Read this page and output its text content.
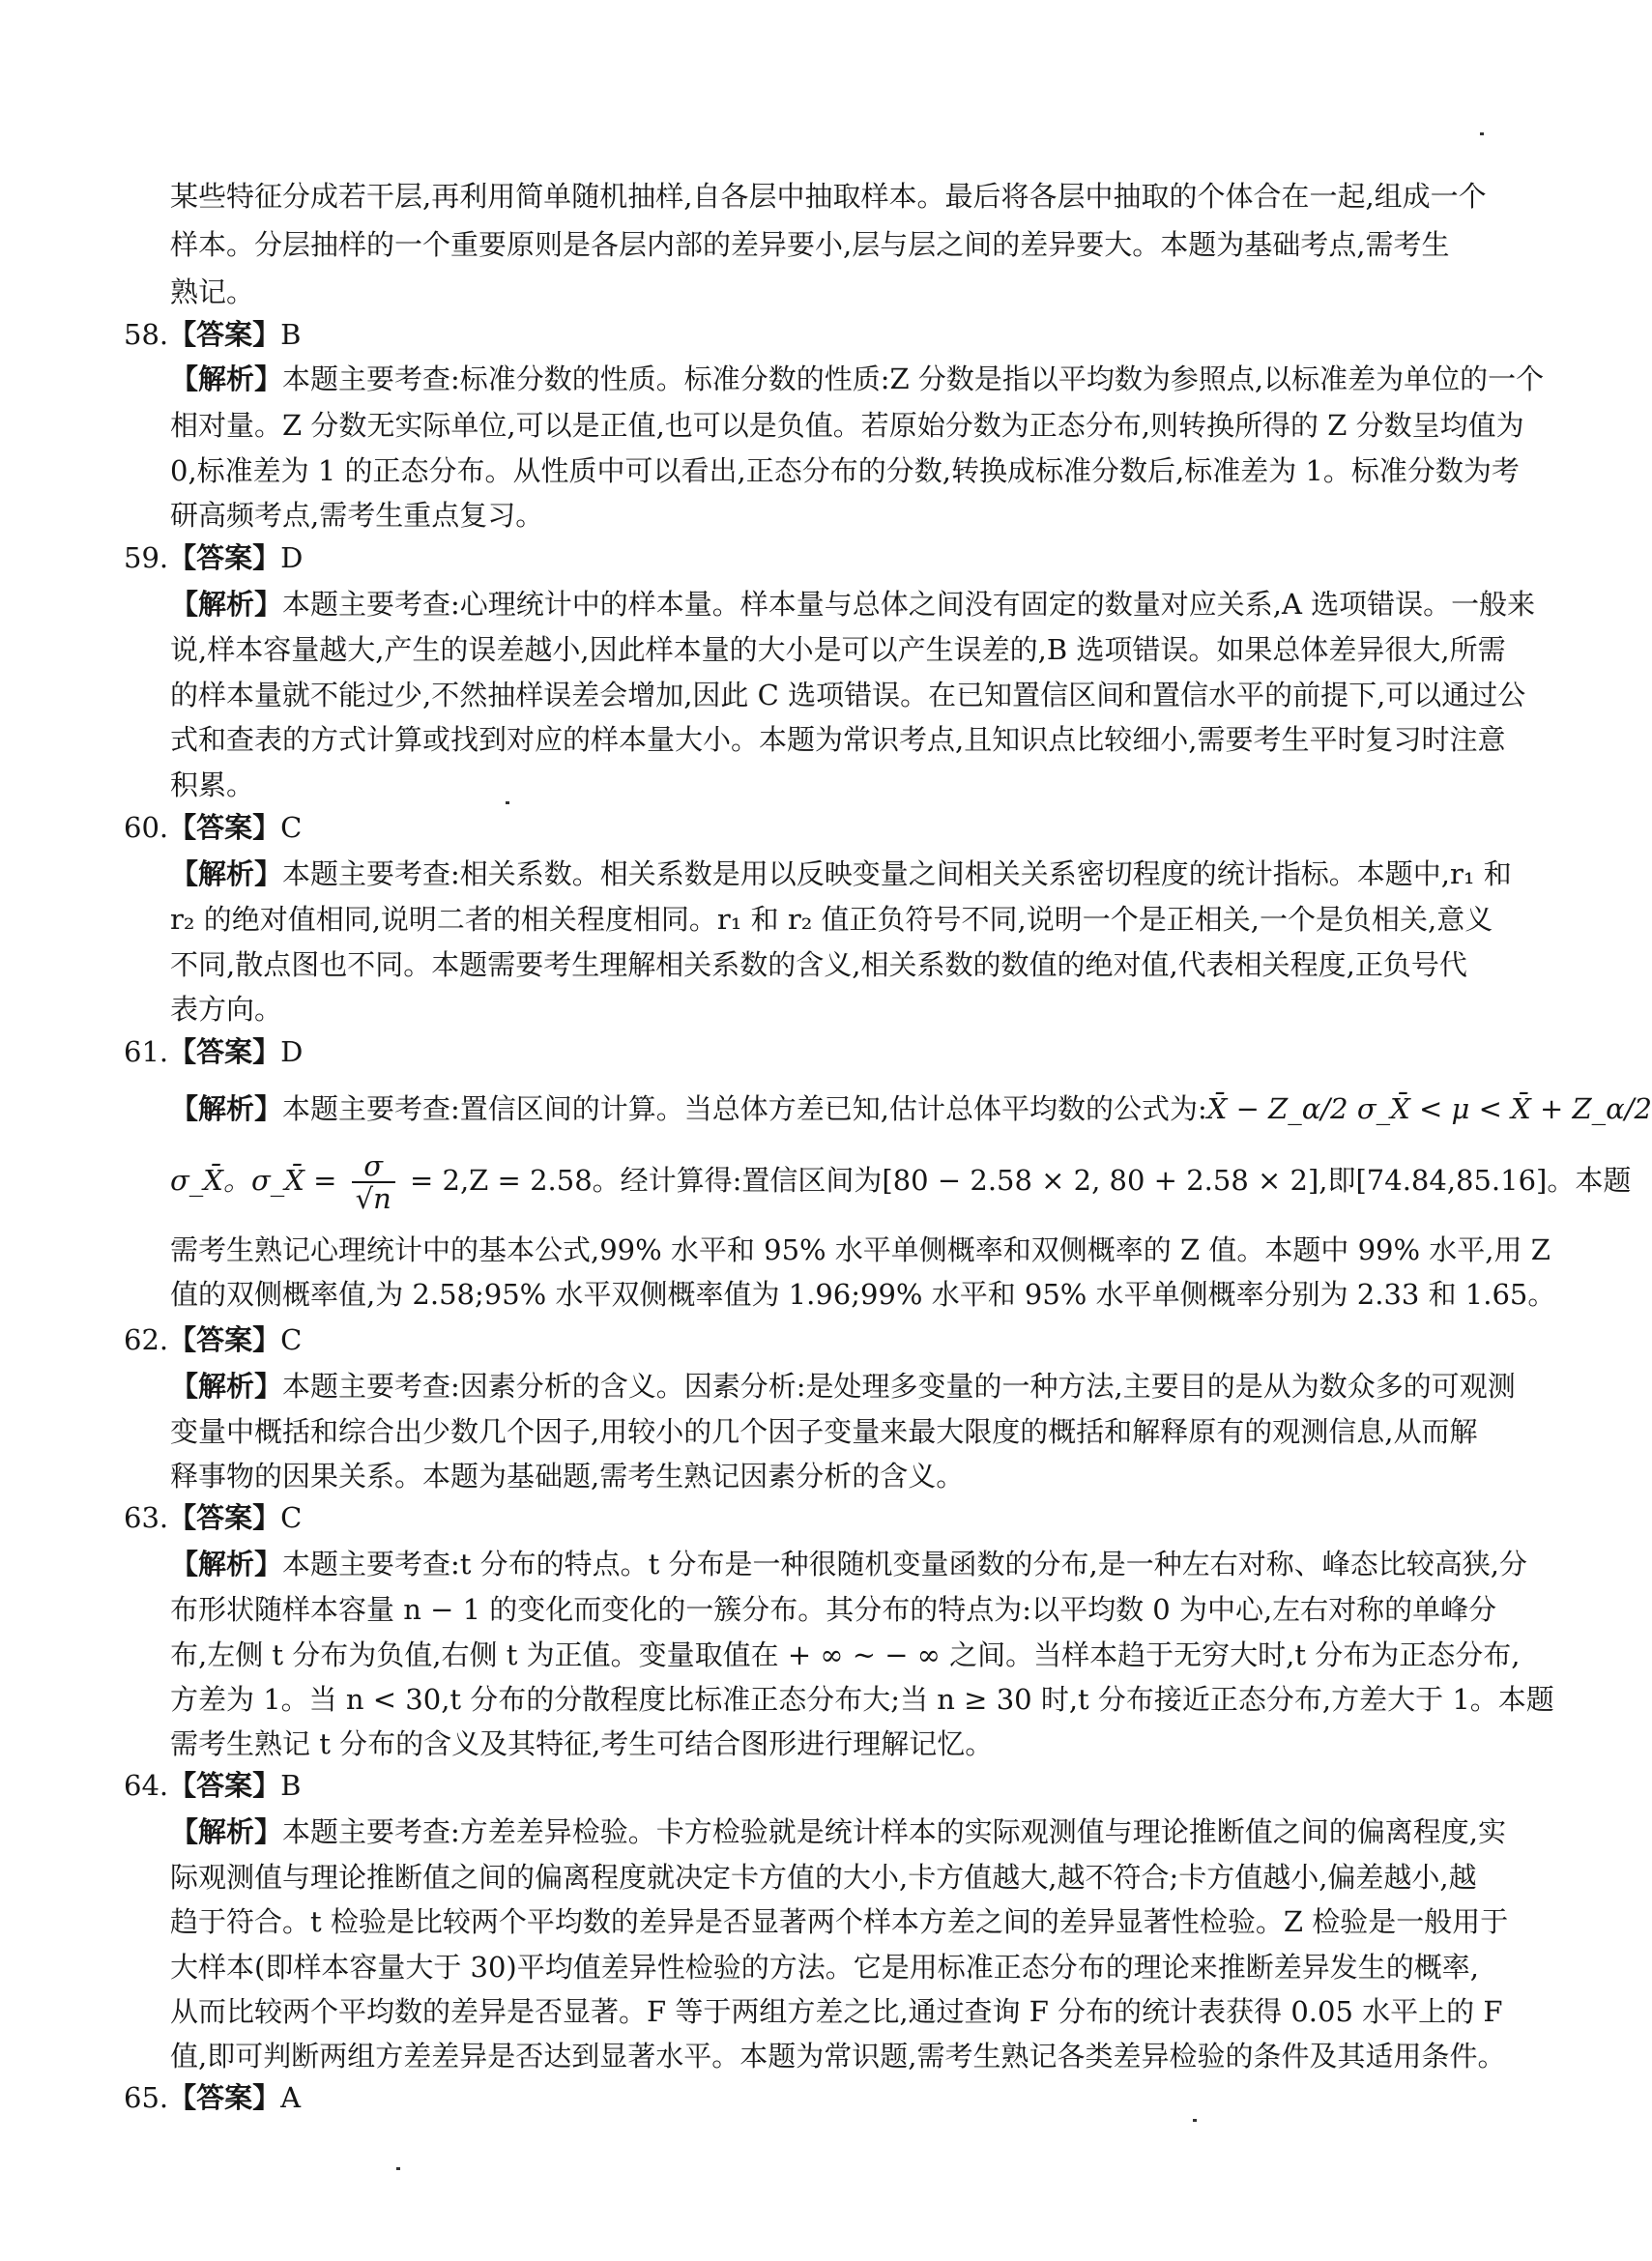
某些特征分成若干层,再利用简单随机抽样,自各层中抽取样本。最后将各层中抽取的个体合在一起,组成一个
样本。分层抽样的一个重要原则是各层内部的差异要小,层与层之间的差异要大。本题为基础考点,需考生
熟记。
58.【答案】B
【解析】本题主要考查:标准分数的性质。标准分数的性质:Z 分数是指以平均数为参照点,以标准差为单位的一个
相对量。Z 分数无实际单位,可以是正值,也可以是负值。若原始分数为正态分布,则转换所得的 Z 分数呈均值为
0,标准差为 1 的正态分布。从性质中可以看出,正态分布的分数,转换成标准分数后,标准差为 1。标准分数为考
研高频考点,需考生重点复习。
59.【答案】D
【解析】本题主要考查:心理统计中的样本量。样本量与总体之间没有固定的数量对应关系,A 选项错误。一般来
说,样本容量越大,产生的误差越小,因此样本量的大小是可以产生误差的,B 选项错误。如果总体差异很大,所需
的样本量就不能过少,不然抽样误差会增加,因此 C 选项错误。在已知置信区间和置信水平的前提下,可以通过公
式和查表的方式计算或找到对应的样本量大小。本题为常识考点,且知识点比较细小,需要考生平时复习时注意
积累。
60.【答案】C
【解析】本题主要考查:相关系数。相关系数是用以反映变量之间相关关系密切程度的统计指标。本题中,r₁ 和
r₂ 的绝对值相同,说明二者的相关程度相同。r₁ 和 r₂ 值正负符号不同,说明一个是正相关,一个是负相关,意义
不同,散点图也不同。本题需要考生理解相关系数的含义,相关系数的数值的绝对值,代表相关程度,正负号代
表方向。
61.【答案】D
【解析】本题主要考查:置信区间的计算。当总体方差已知,估计总体平均数的公式为:X̄ − Z_α/2 σ_X̄ < μ < X̄ + Z_α/2
σ_X̄。σ_X̄ = $\frac{\sigma}{√n} = 2,Z = 2.58$。经计算得:置信区间为[80 − 2.58 × 2, 80 + 2.58 × 2],即[74.84,85.16]。本题
需考生熟记心理统计中的基本公式,99% 水平和 95% 水平单侧概率和双侧概率的 Z 值。本题中 99% 水平,用 Z
值的双侧概率值,为 2.58;95% 水平双侧概率值为 1.96;99% 水平和 95% 水平单侧概率分别为 2.33 和 1.65。
62.【答案】C
【解析】本题主要考查:因素分析的含义。因素分析:是处理多变量的一种方法,主要目的是从为数众多的可观测
变量中概括和综合出少数几个因子,用较小的几个因子变量来最大限度的概括和解释原有的观测信息,从而解
释事物的因果关系。本题为基础题,需考生熟记因素分析的含义。
63.【答案】C
【解析】本题主要考查:t 分布的特点。t 分布是一种很随机变量函数的分布,是一种左右对称、峰态比较高狭,分
布形状随样本容量 n − 1 的变化而变化的一簇分布。其分布的特点为:以平均数 0 为中心,左右对称的单峰分
布,左侧 t 分布为负值,右侧 t 为正值。变量取值在 + ∞ ~ − ∞ 之间。当样本趋于无穷大时,t 分布为正态分布,
方差为 1。当 n < 30,t 分布的分散程度比标准正态分布大;当 n ≥ 30 时,t 分布接近正态分布,方差大于 1。本题
需考生熟记 t 分布的含义及其特征,考生可结合图形进行理解记忆。
64.【答案】B
【解析】本题主要考查:方差差异检验。卡方检验就是统计样本的实际观测值与理论推断值之间的偏离程度,实
际观测值与理论推断值之间的偏离程度就决定卡方值的大小,卡方值越大,越不符合;卡方值越小,偏差越小,越
趋于符合。t 检验是比较两个平均数的差异是否显著两个样本方差之间的差异显著性检验。Z 检验是一般用于
大样本(即样本容量大于 30)平均值差异性检验的方法。它是用标准正态分布的理论来推断差异发生的概率,
从而比较两个平均数的差异是否显著。F 等于两组方差之比,通过查询 F 分布的统计表获得 0.05 水平上的 F
值,即可判断两组方差差异是否达到显著水平。本题为常识题,需考生熟记各类差异检验的条件及其适用条件。
65.【答案】A
